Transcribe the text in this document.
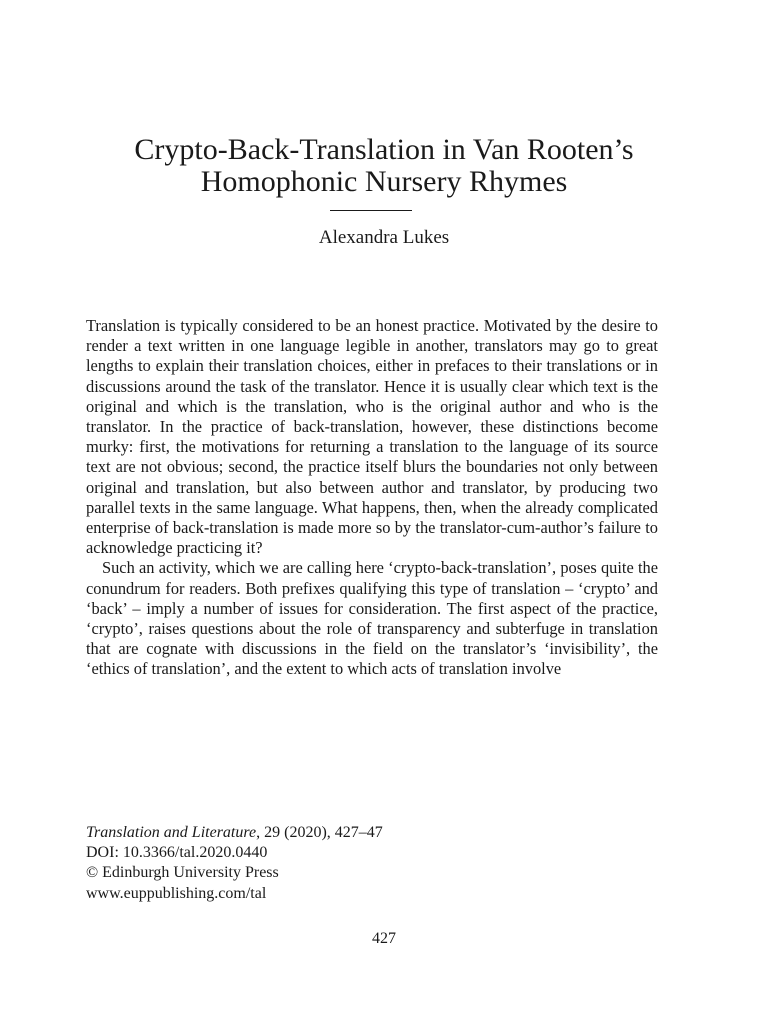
Crypto-Back-Translation in Van Rooten’s
Homophonic Nursery Rhymes
Alexandra Lukes

Translation is typically considered to be an honest practice. Motivated by the desire to render a text written in one language legible in another, translators may go to great lengths to explain their translation choices, either in prefaces to their translations or in discussions around the task of the translator. Hence it is usually clear which text is the original and which is the translation, who is the original author and who is the translator. In the practice of back-translation, however, these distinctions become murky: first, the motivations for returning a translation to the language of its source text are not obvious; second, the practice itself blurs the boundaries not only between original and translation, but also between author and translator, by producing two parallel texts in the same language. What happens, then, when the already complicated enterprise of back-translation is made more so by the translator-cum-author’s failure to acknowledge practicing it?

Such an activity, which we are calling here ‘crypto-back-translation’, poses quite the conundrum for readers. Both prefixes qualifying this type of translation – ‘crypto’ and ‘back’ – imply a number of issues for consideration. The first aspect of the practice, ‘crypto’, raises questions about the role of transparency and subterfuge in translation that are cognate with discussions in the field on the translator’s ‘invisibility’, the ‘ethics of translation’, and the extent to which acts of translation involve

Translation and Literature, 29 (2020), 427–47
DOI: 10.3366/tal.2020.0440
© Edinburgh University Press
www.euppublishing.com/tal
427
